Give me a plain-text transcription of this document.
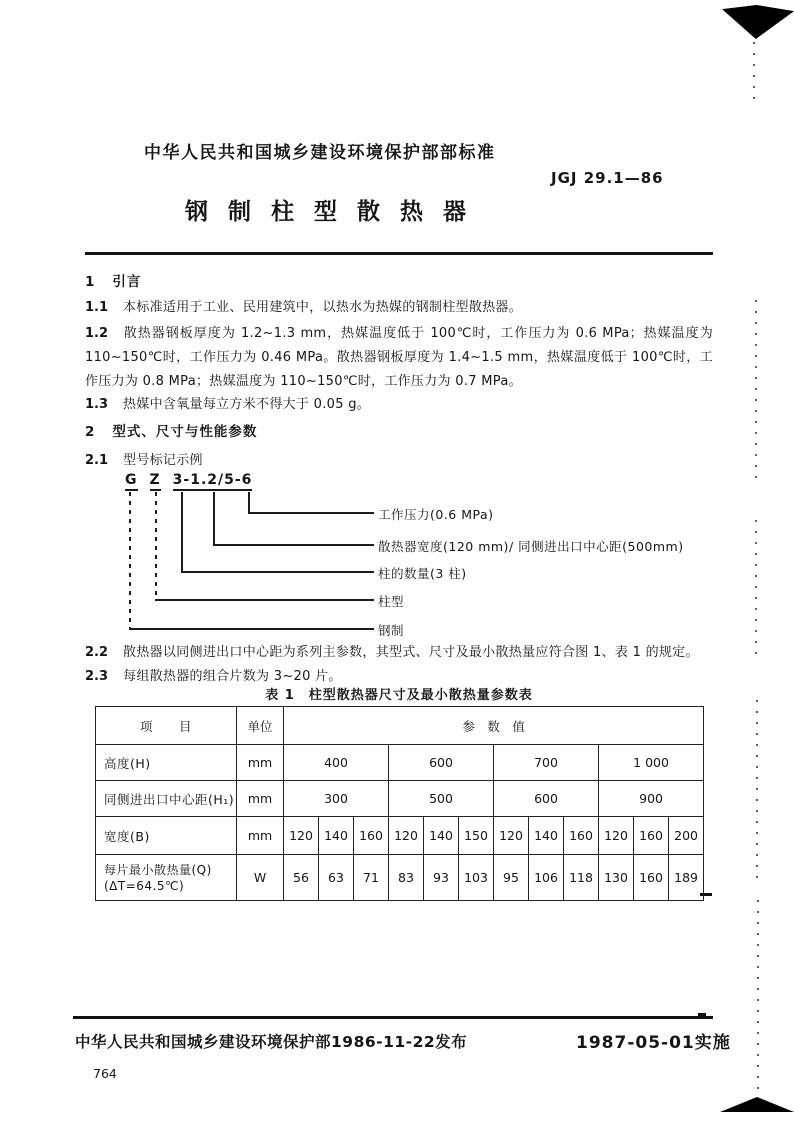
中华人民共和国城乡建设环境保护部部标准
JGJ 29.1—86
钢制柱型散热器
1 引言
1.1 本标准适用于工业、民用建筑中，以热水为热媒的钢制柱型散热器。
1.2 散热器钢板厚度为 1.2~1.3 mm，热媒温度低于 100℃时，工作压力为 0.6 MPa；热媒温度为 110~150℃时，工作压力为 0.46 MPa。散热器钢板厚度为 1.4~1.5 mm，热媒温度低于 100℃时，工作压力为 0.8 MPa；热媒温度为 110~150℃时，工作压力为 0.7 MPa。
1.3 热媒中含氧量每立方米不得大于 0.05 g。
2 型式、尺寸与性能参数
2.1 型号标记示例
G Z 3-1.2/5-6
工作压力(0.6 MPa)
散热器宽度(120 mm)/ 同侧进出口中心距(500mm)
柱的数量(3 柱)
柱型
钢制
2.2 散热器以同侧进出口中心距为系列主参数，其型式、尺寸及最小散热量应符合图 1、表 1 的规定。
2.3 每组散热器的组合片数为 3~20 片。
表 1　柱型散热器尺寸及最小散热量参数表
项　　目	单位	参　数　值											
高度(H)	mm	400			600			700			1 000		
同侧进出口中心距(H₁)	mm	300			500			600			900		
宽度(B)	mm	120	140	160	120	140	150	120	140	160	120	160	200

每片最小散热量(Q)
(ΔT=64.5℃)	W	56	63	71	83	93	103	95	106	118	130	160	189
中华人民共和国城乡建设环境保护部1986-11-22发布	1987-05-01实施
764
